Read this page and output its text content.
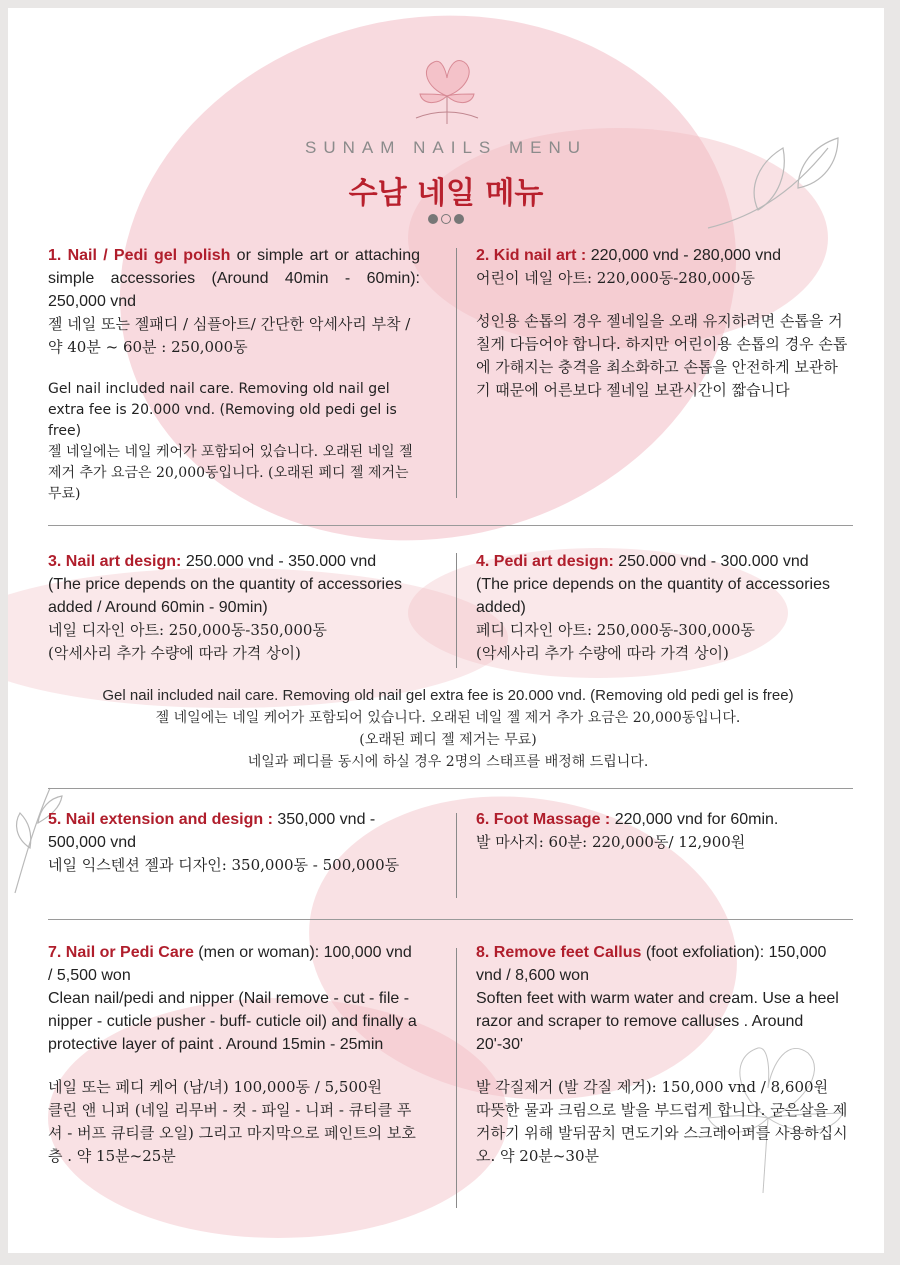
SUNAM NAILS MENU
수남 네일 메뉴

1. Nail / Pedi gel polish or simple art or attaching simple accessories (Around 40min - 60min): 250,000 vnd

젤 네일 또는 젤패디 / 심플아트/ 간단한 악세사리 부착 / 약 40분 ~ 60분 : 250,000동

Gel nail included nail care. Removing old nail gel extra fee is 20.000 vnd. (Removing old pedi gel is free)

젤 네일에는 네일 케어가 포함되어 있습니다. 오래된 네일 젤 제거 추가 요금은 20,000동입니다. (오래된 페디 젤 제거는 무료)

2. Kid nail art : 220,000 vnd - 280,000 vnd

어린이 네일 아트: 220,000동-280,000동

성인용 손톱의 경우 젤네일을 오래 유지하려면 손톱을 거칠게 다듬어야 합니다. 하지만 어린이용 손톱의 경우 손톱에 가해지는 충격을 최소화하고 손톱을 안전하게 보관하기 때문에 어른보다 젤네일 보관시간이 짧습니다

3. Nail art design: 250.000 vnd - 350.000 vnd

(The price depends on the quantity of accessories added / Around 60min - 90min)

네일 디자인 아트: 250,000동-350,000동

(악세사리 추가 수량에 따라 가격 상이)

4. Pedi art design: 250.000 vnd - 300.000 vnd

(The price depends on the quantity of accessories added)

페디 디자인 아트: 250,000동-300,000동

(악세사리 추가 수량에 따라 가격 상이)

Gel nail included nail care. Removing old nail gel extra fee is 20.000 vnd. (Removing old pedi gel is free)

젤 네일에는 네일 케어가 포함되어 있습니다. 오래된 네일 젤 제거 추가 요금은 20,000동입니다.

(오래된 페디 젤 제거는 무료)

네일과 페디를 동시에 하실 경우 2명의 스태프를 배정해 드립니다.

5. Nail extension and design : 350,000 vnd - 500,000 vnd

네일 익스텐션 젤과 디자인: 350,000동 - 500,000동

6. Foot Massage : 220,000 vnd for 60min.

발 마사지: 60분: 220,000동/ 12,900원

7. Nail or Pedi Care (men or woman): 100,000 vnd / 5,500 won

Clean nail/pedi and nipper (Nail remove - cut - file - nipper - cuticle pusher - buff- cuticle oil) and finally a protective layer of paint . Around 15min - 25min

네일 또는 페디 케어 (남/녀) 100,000동 / 5,500원

클린 앤 니퍼 (네일 리무버 - 컷 - 파일 - 니퍼 - 큐티클 푸셔 - 버프 큐티클 오일) 그리고 마지막으로 페인트의 보호 층 . 약 15분~25분

8. Remove feet Callus (foot exfoliation): 150,000 vnd / 8,600 won

Soften feet with warm water and cream. Use a heel razor and scraper to remove calluses . Around 20'-30'

발 각질제거 (발 각질 제거): 150,000 vnd / 8,600원

따뜻한 물과 크림으로 발을 부드럽게 합니다. 굳은살을 제거하기 위해 발뒤꿈치 면도기와 스크레이퍼를 사용하십시오. 약 20분~30분
